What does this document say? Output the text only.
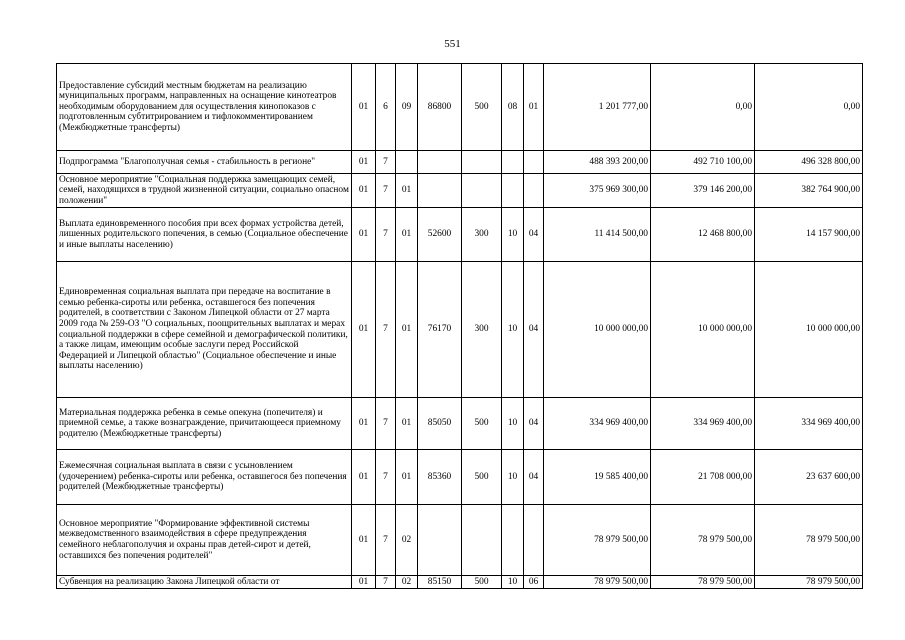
551
Предоставление субсидий местным бюджетам на реализацию муниципальных программ, направленных на оснащение кинотеатров необходимым оборудованием для осуществления кинопоказов с подготовленным субтитрированием и тифлокомментированием (Межбюджетные трансферты)	01	6	09	86800	500	08	01	1 201 777,00	0,00	0,00
Подпрограмма "Благополучная семья - стабильность в регионе"	01	7						488 393 200,00	492 710 100,00	496 328 800,00
Основное мероприятие "Социальная поддержка замещающих семей, семей, находящихся в трудной жизненной ситуации, социально опасном положении"	01	7	01					375 969 300,00	379 146 200,00	382 764 900,00
Выплата единовременного пособия при всех формах устройства детей, лишенных родительского попечения, в семью (Социальное обеспечение и иные выплаты населению)	01	7	01	52600	300	10	04	11 414 500,00	12 468 800,00	14 157 900,00
Единовременная социальная выплата при передаче на воспитание в семью ребенка-сироты или ребенка, оставшегося без попечения родителей, в соответствии с Законом Липецкой области от 27 марта 2009 года № 259-ОЗ "О социальных, поощрительных выплатах и мерах социальной поддержки в сфере семейной и демографической политики, а также лицам, имеющим особые заслуги перед Российской Федерацией и Липецкой областью" (Социальное обеспечение и иные выплаты населению)	01	7	01	76170	300	10	04	10 000 000,00	10 000 000,00	10 000 000,00
Материальная поддержка ребенка в семье опекуна (попечителя) и приемной семье, а также вознаграждение, причитающееся приемному родителю (Межбюджетные трансферты)	01	7	01	85050	500	10	04	334 969 400,00	334 969 400,00	334 969 400,00
Ежемесячная социальная выплата в связи с усыновлением (удочерением) ребенка-сироты или ребенка, оставшегося без попечения родителей (Межбюджетные трансферты)	01	7	01	85360	500	10	04	19 585 400,00	21 708 000,00	23 637 600,00
Основное мероприятие "Формирование эффективной системы межведомственного взаимодействия в сфере предупреждения семейного неблагополучия и охраны прав детей-сирот и детей, оставшихся без попечения родителей"	01	7	02					78 979 500,00	78 979 500,00	78 979 500,00
Субвенция на реализацию Закона Липецкой области от	01	7	02	85150	500	10	06	78 979 500,00	78 979 500,00	78 979 500,00
